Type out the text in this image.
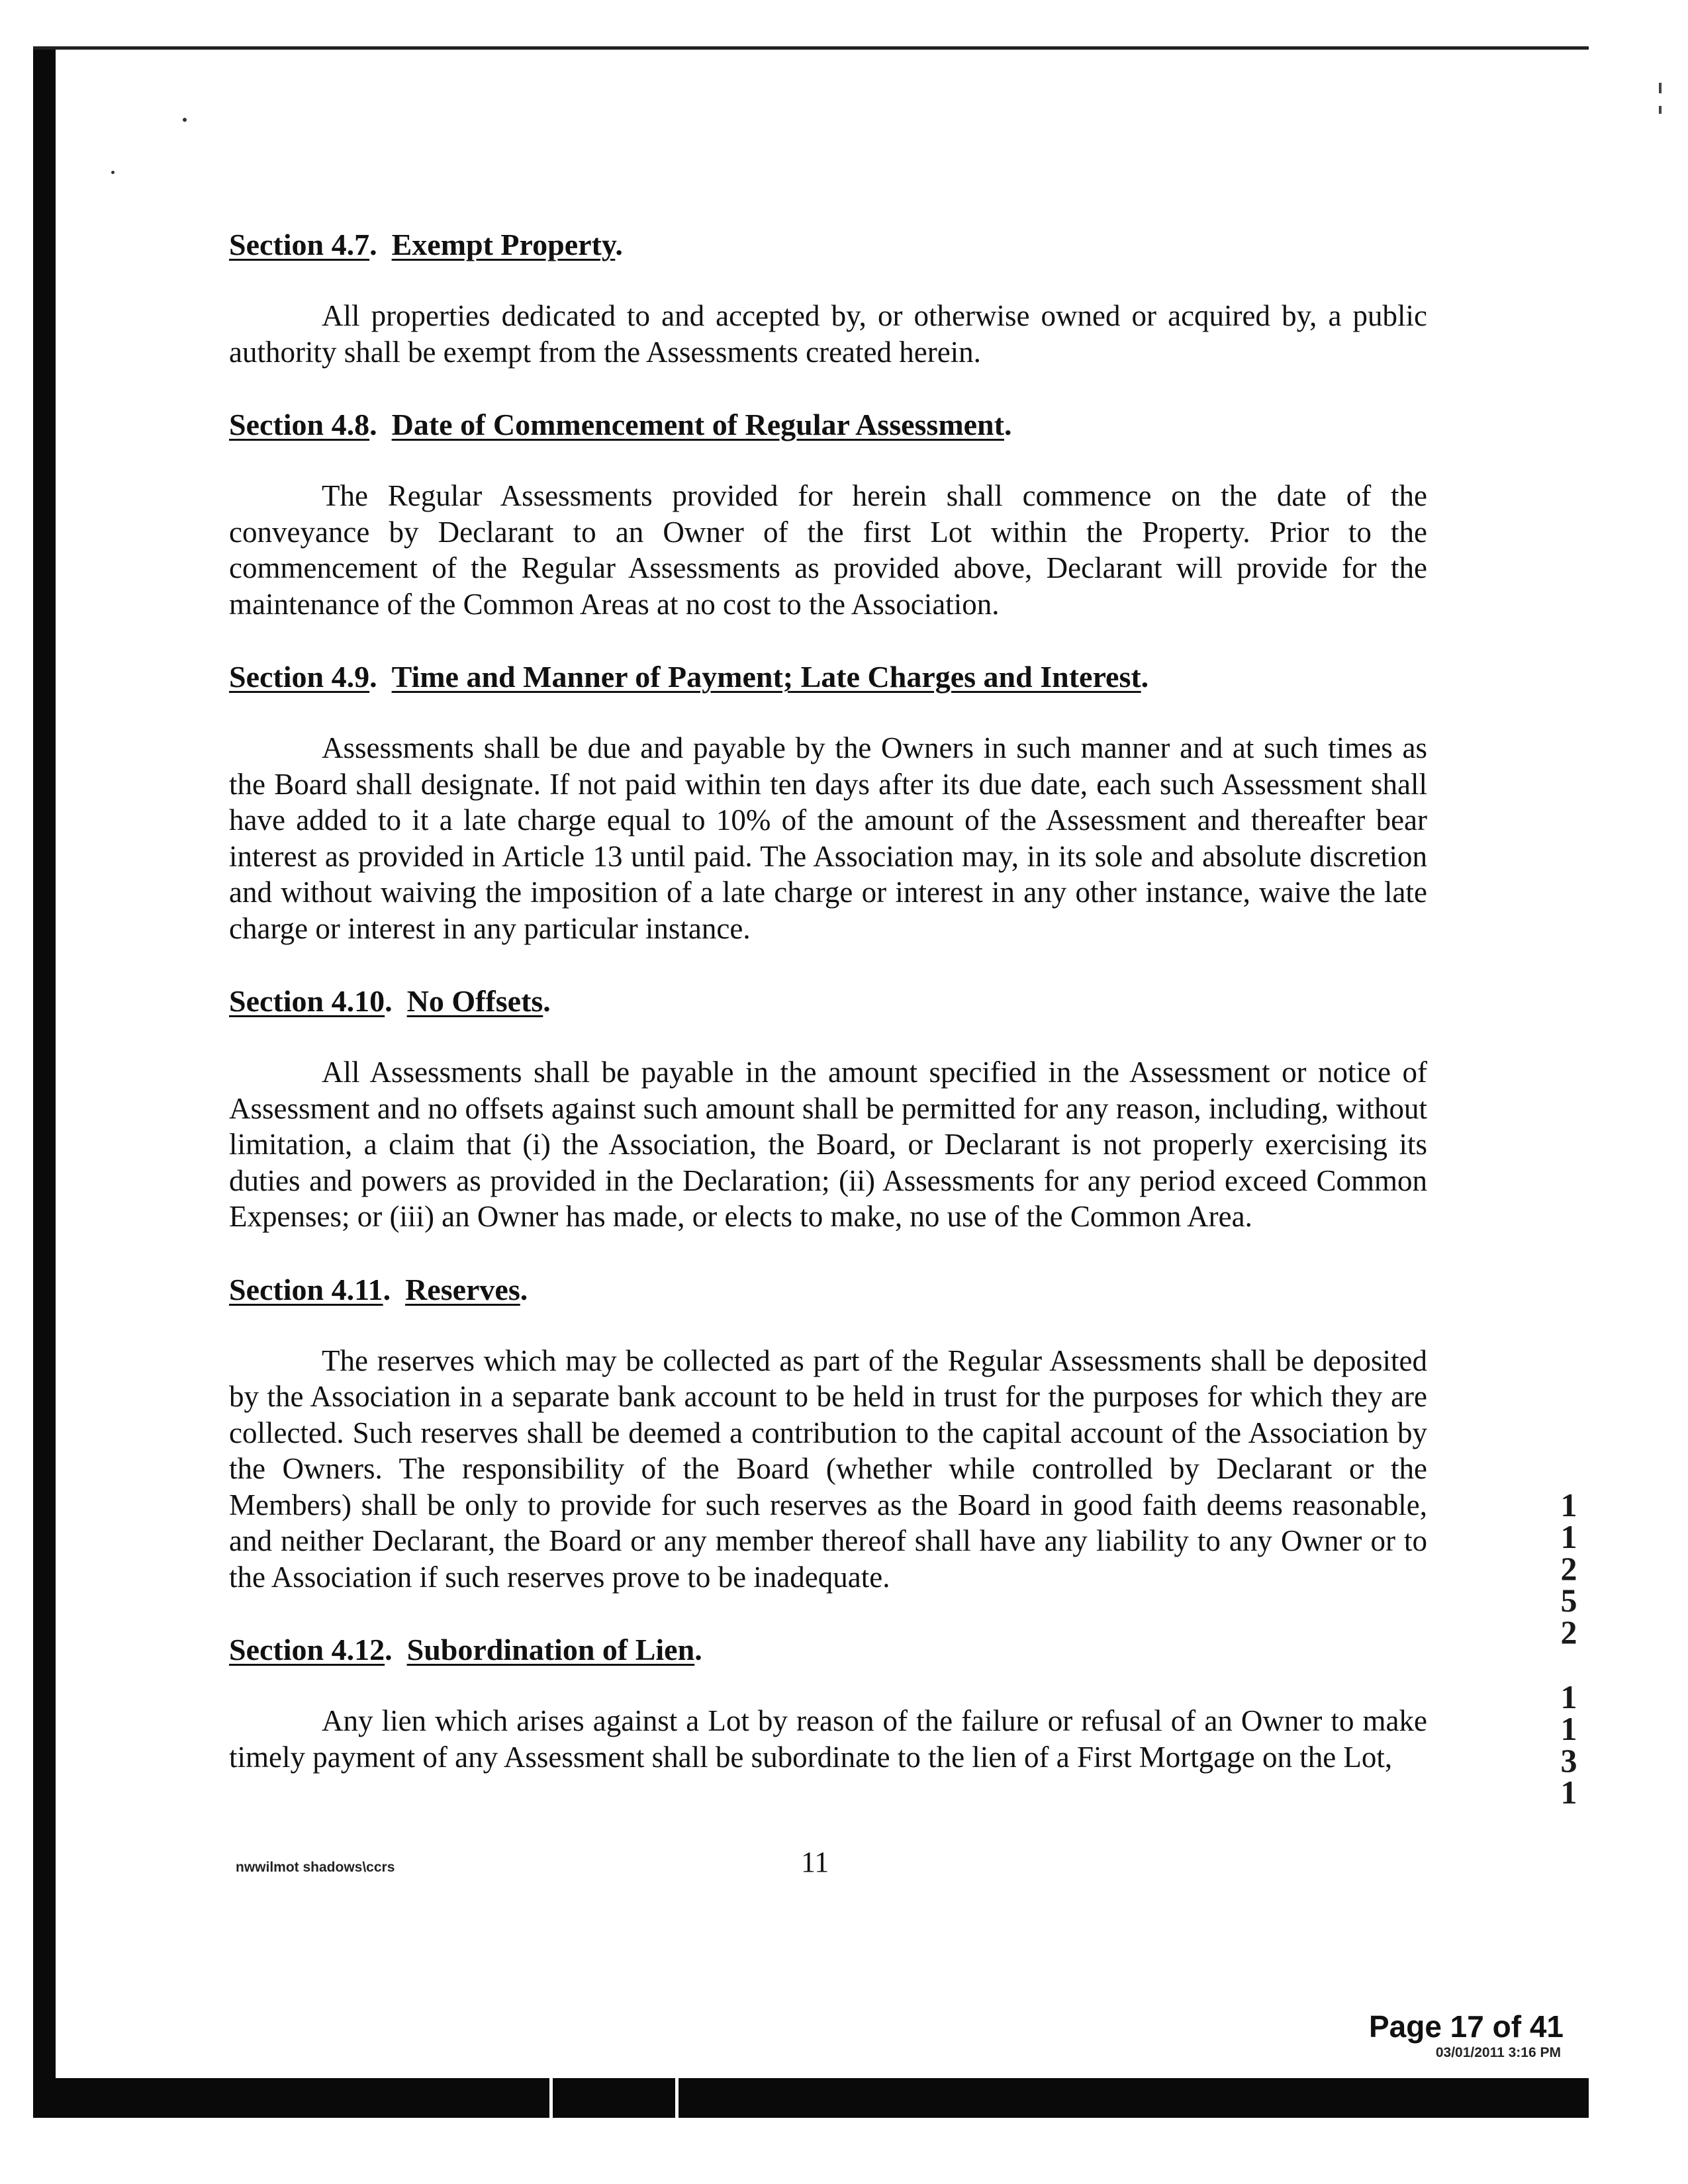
Section 4.7. Exempt Property.

All properties dedicated to and accepted by, or otherwise owned or acquired by, a public authority shall be exempt from the Assessments created herein.

Section 4.8. Date of Commencement of Regular Assessment.

The Regular Assessments provided for herein shall commence on the date of the conveyance by Declarant to an Owner of the first Lot within the Property. Prior to the commencement of the Regular Assessments as provided above, Declarant will provide for the maintenance of the Common Areas at no cost to the Association.

Section 4.9. Time and Manner of Payment; Late Charges and Interest.

Assessments shall be due and payable by the Owners in such manner and at such times as the Board shall designate. If not paid within ten days after its due date, each such Assessment shall have added to it a late charge equal to 10% of the amount of the Assessment and thereafter bear interest as provided in Article 13 until paid. The Association may, in its sole and absolute discretion and without waiving the imposition of a late charge or interest in any other instance, waive the late charge or interest in any particular instance.

Section 4.10. No Offsets.

All Assessments shall be payable in the amount specified in the Assessment or notice of Assessment and no offsets against such amount shall be permitted for any reason, including, without limitation, a claim that (i) the Association, the Board, or Declarant is not properly exercising its duties and powers as provided in the Declaration; (ii) Assessments for any period exceed Common Expenses; or (iii) an Owner has made, or elects to make, no use of the Common Area.

Section 4.11. Reserves.

The reserves which may be collected as part of the Regular Assessments shall be deposited by the Association in a separate bank account to be held in trust for the purposes for which they are collected. Such reserves shall be deemed a contribution to the capital account of the Association by the Owners. The responsibility of the Board (whether while controlled by Declarant or the Members) shall be only to provide for such reserves as the Board in good faith deems reasonable, and neither Declarant, the Board or any member thereof shall have any liability to any Owner or to the Association if such reserves prove to be inadequate.

Section 4.12. Subordination of Lien.

Any lien which arises against a Lot by reason of the failure or refusal of an Owner to make timely payment of any Assessment shall be subordinate to the lien of a First Mortgage on the Lot,

1
1
2
5
2
1
1
3
1
nwwilmot shadows\ccrs	11
Page 17 of 41
03/01/2011 3:16 PM
